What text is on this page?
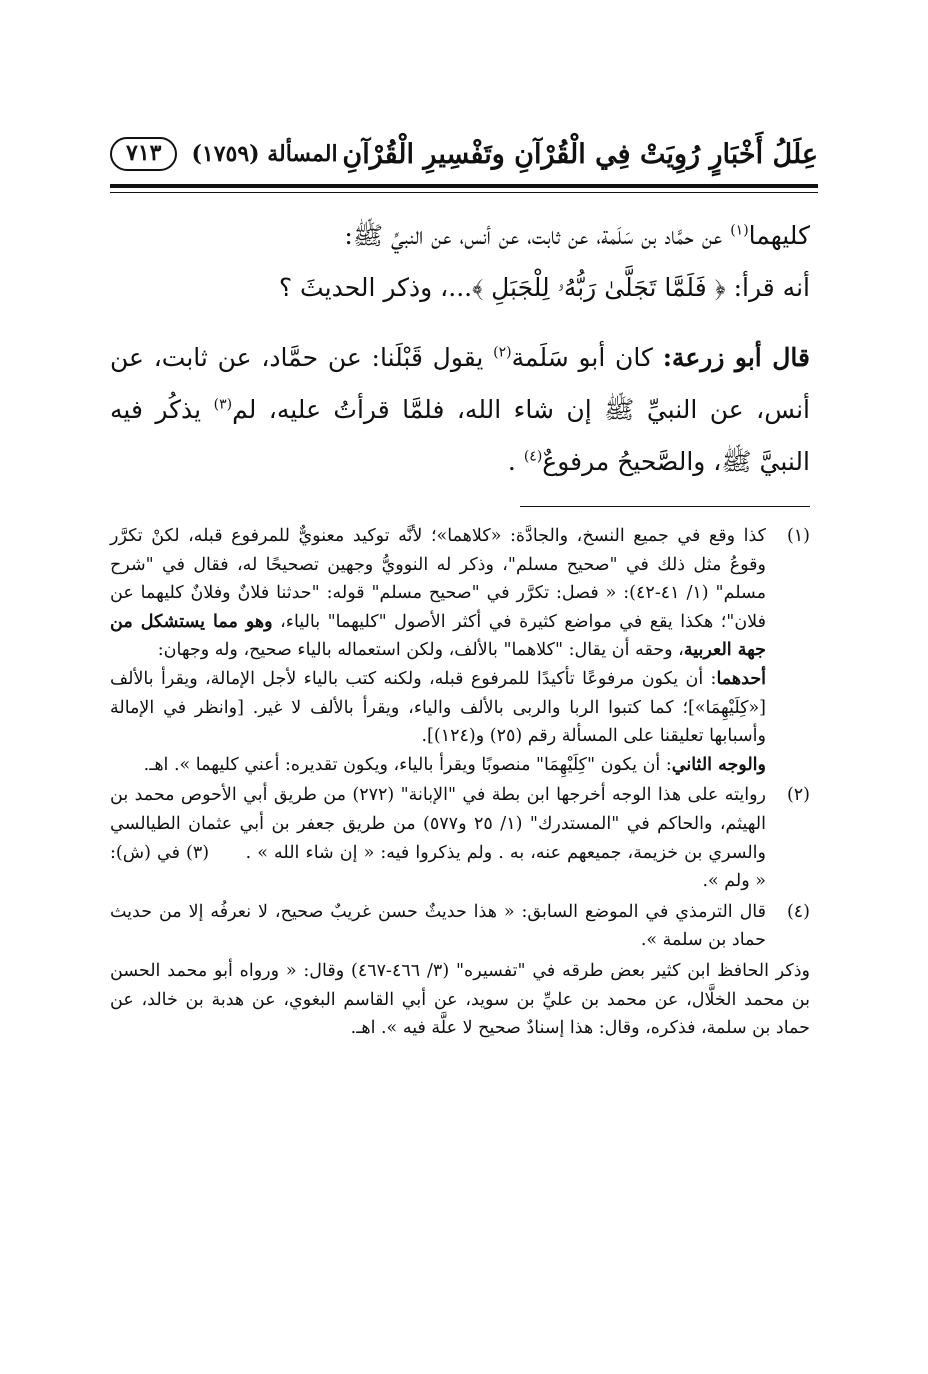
عِلَلُ أَخْبَارٍ رُوِيَتْ فِي الْقُرْآنِ وتَفْسِيرِ الْقُرْآنِ
المسألة (١٧٥٩)
٧١٣

كليهما$^{(١)}$ عن حمَّاد بن سَلَمة، عن ثابت، عن أنس، عن النبيِّ ﷺ:

أنه قرأ: ﴿ فَلَمَّا تَجَلَّىٰ رَبُّهُۥ لِلْجَبَلِ ﴾...، وذكر الحديثَ ؟

قال أبو زرعة: كان أبو سَلَمة$^{(٢)}$ يقول قَبْلَنا: عن حمَّاد، عن ثابت، عن أنس، عن النبيِّ ﷺ إن شاء الله، فلمَّا قرأتُ عليه، لم$^{(٣)}$ يذكُر فيه النبيَّ ﷺ، والصَّحيحُ مرفوعٌ$^{(٤)}$ .

(١)

كذا وقع في جميع النسخ، والجادَّة: «كلاهما»؛ لأنَّه توكيد معنويٌّ للمرفوع قبله، لكنْ تكرَّر وقوعُ مثل ذلك في "صحيح مسلم"، وذكر له النوويُّ وجهين تصحيحًا له، فقال في "شرح مسلم" (١/ ٤١-٤٢): « فصل: تكرَّر في "صحيح مسلم" قوله: "حدثنا فلانٌ وفلانٌ كليهما عن فلان"؛ هكذا يقع في مواضع كثيرة في أكثر الأصول "كليهما" بالياء، وهو مما يستشكل من جهة العربية، وحقه أن يقال: "كلاهما" بالألف، ولكن استعماله بالياء صحيح، وله وجهان:

أحدهما: أن يكون مرفوعًا تأكيدًا للمرفوع قبله، ولكنه كتب بالياء لأجل الإمالة، ويقرأ بالألف [«كِلَيْهِمَا»]؛ كما كتبوا الربا والربى بالألف والياء، ويقرأ بالألف لا غير. [وانظر في الإمالة وأسبابها تعليقنا على المسألة رقم (٢٥) و(١٢٤)].

والوجه الثاني: أن يكون "كِلَيْهِمَا" منصوبًا ويقرأ بالياء، ويكون تقديره: أعني كليهما ». اهـ.

(٢)

روايته على هذا الوجه أخرجها ابن بطة في "الإبانة" (٢٧٢) من طريق أبي الأحوص محمد بن الهيثم، والحاكم في "المستدرك" (١/ ٢٥ و٥٧٧) من طريق جعفر بن أبي عثمان الطيالسي والسري بن خزيمة، جميعهم عنه، به . ولم يذكروا فيه: « إن شاء الله » .      (٣) في (ش): « ولم ».

(٤)

قال الترمذي في الموضع السابق: « هذا حديثٌ حسن غريبٌ صحيح، لا نعرفُه إلا من حديث حماد بن سلمة ».

وذكر الحافظ ابن كثير بعض طرقه في "تفسيره" (٣/ ٤٦٦-٤٦٧) وقال: « ورواه أبو محمد الحسن بن محمد الخلَّال، عن محمد بن عليِّ بن سويد، عن أبي القاسم البغوي، عن هدبة بن خالد، عن حماد بن سلمة، فذكره، وقال: هذا إسنادٌ صحيح لا علَّة فيه ». اهـ.
